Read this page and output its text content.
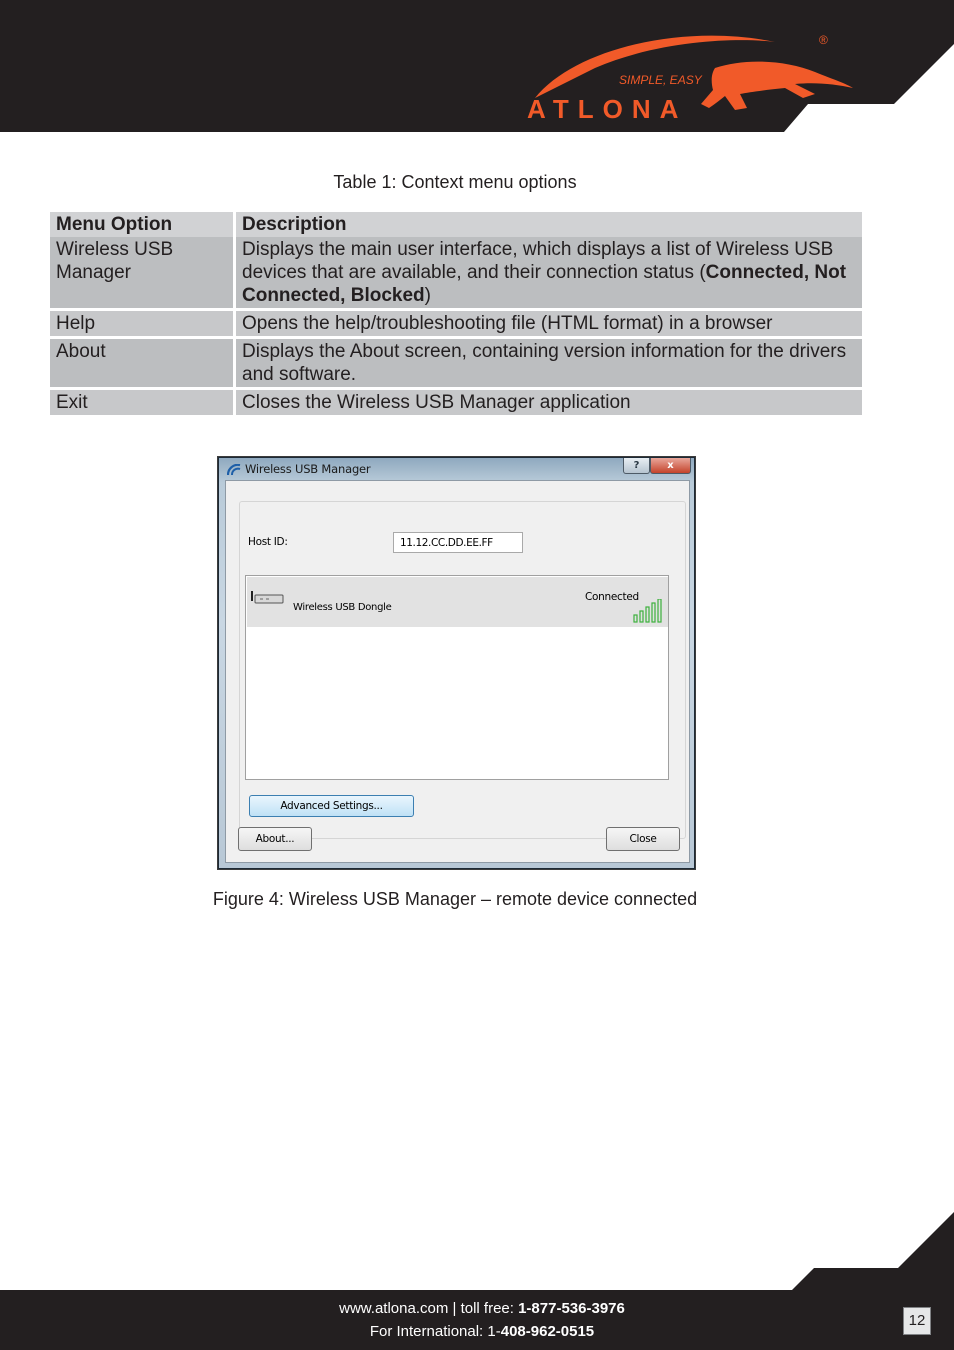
SIMPLE, EASY
ATLONA
®
Table 1: Context menu options
Menu Option	Description
Wireless USB Manager	Displays the main user interface, which displays a list of Wireless USB devices that are available, and their connection status (Connected, Not Connected, Blocked)

Help	Opens the help/troubleshooting file (HTML format) in a browser

About	Displays the About screen, containing version information for the drivers and software.

Exit	Closes the Wireless USB Manager application
Wireless USB Manager	?	x
Host ID:	11.12.CC.DD.EE.FF
Wireless USB Dongle
Connected
Advanced Settings...
About...	Close
Figure 4: Wireless USB Manager – remote device connected
www.atlona.com | toll free: 1-877-536-3976
For International: 1-408-962-0515
12
